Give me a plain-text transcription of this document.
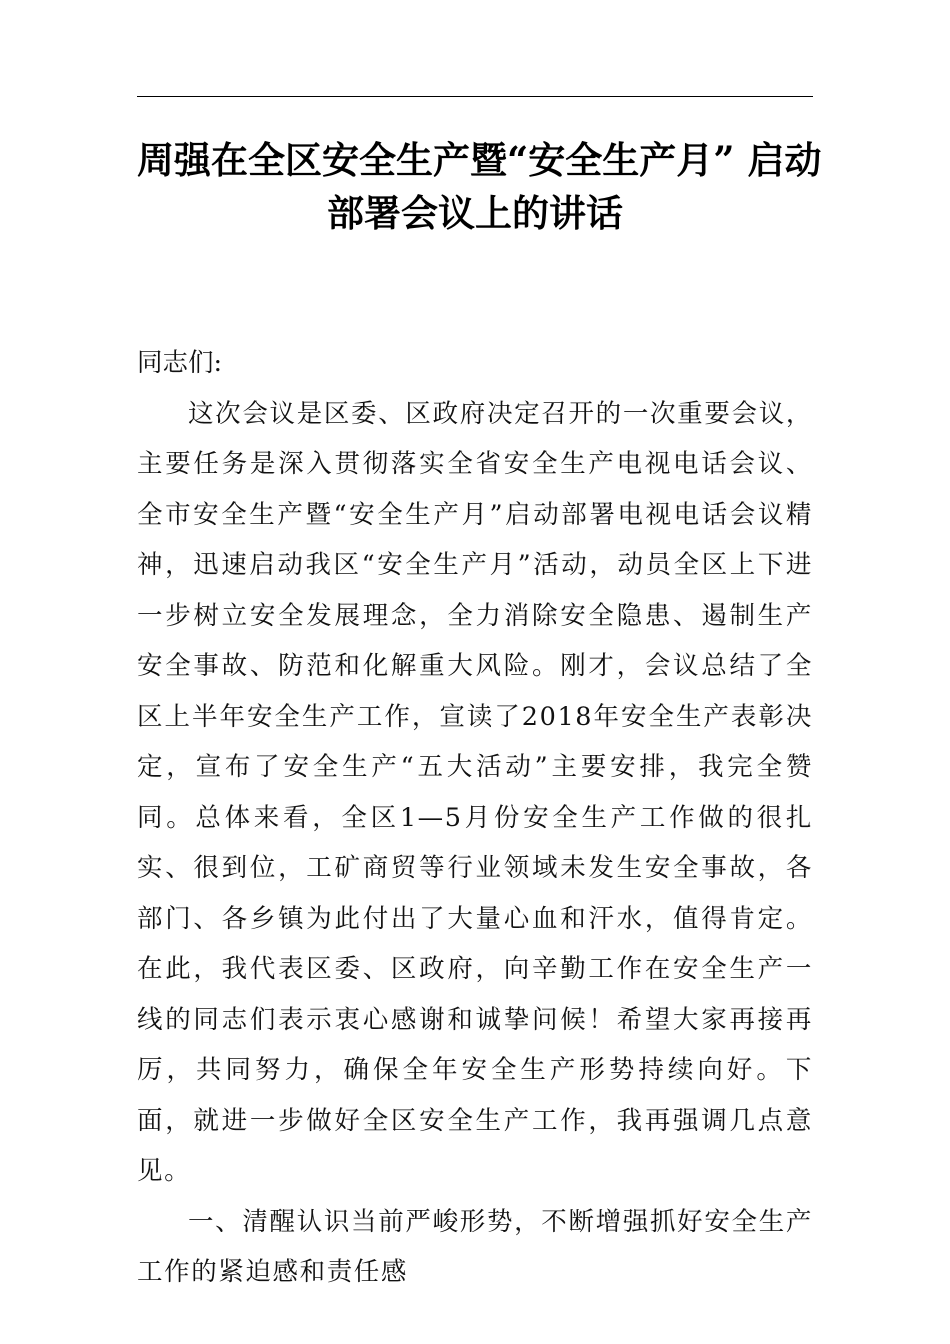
周强在全区安全生产暨“安全生产月” 启动
部署会议上的讲话

同志们:

这次会议是区委、区政府决定召开的一次重要会议，主要任务是深入贯彻落实全省安全生产电视电话会议、全市安全生产暨“安全生产月”启动部署电视电话会议精神，迅速启动我区“安全生产月”活动，动员全区上下进一步树立安全发展理念，全力消除安全隐患、遏制生产安全事故、防范和化解重大风险。刚才，会议总结了全区上半年安全生产工作，宣读了2018年安全生产表彰决定，宣布了安全生产“五大活动”主要安排，我完全赞同。总体来看，全区1—5月份安全生产工作做的很扎实、很到位，工矿商贸等行业领域未发生安全事故，各部门、各乡镇为此付出了大量心血和汗水，值得肯定。在此，我代表区委、区政府，向辛勤工作在安全生产一线的同志们表示衷心感谢和诚挚问候！希望大家再接再厉，共同努力，确保全年安全生产形势持续向好。下面，就进一步做好全区安全生产工作，我再强调几点意见。

一、清醒认识当前严峻形势，不断增强抓好安全生产工作的紧迫感和责任感
